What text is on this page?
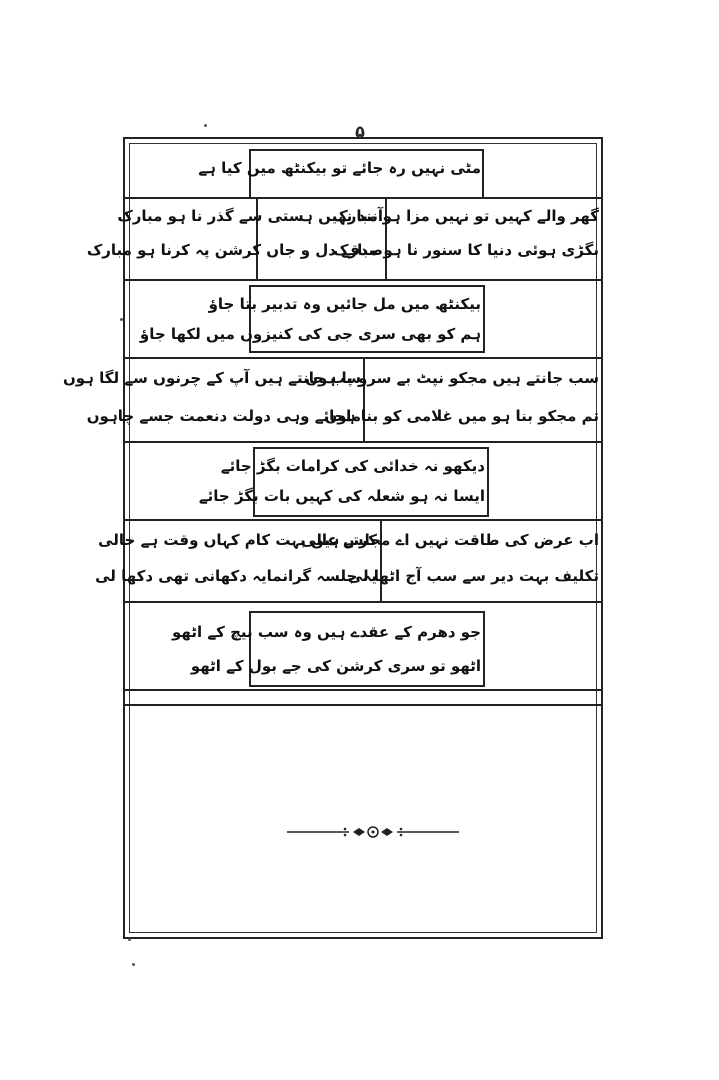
۵
مٹی نہیں رہ جائے تو بیکنٹھ میں کیا ہے
گھر والے کہیں تو نہیں مزا ہو مبارک
بگڑی ہوئی دنیا کا سنور نا ہو مبارک
آنند نہیں ہستی سے گذر نا ہو مبارک
صدقے دل و جاں کرشن پہ کرنا ہو مبارک
بیکنٹھ میں مل جائیں وہ تدبیر بتا جاؤ
ہم کو بھی سری جی کی کنیزوں میں لکھا جاؤ
سب جانتے ہیں مجکو نپٹ بے سرو پا ہوں
تم مجکو بنا ہو میں غلامی کو بنا ہوں
سب جانتے ہیں آپ کے چرنوں سے لگا ہوں
ملجائے وہی دولت دنعمت جسے چاہوں
دیکھو نہ خدائی کی کرامات بگڑ جائے
ایسا نہ ہو شعلہ کی کہیں بات بگڑ جائے
اب عرض کی طاقت نہیں اے مجلس عالی
تکلیف بہت دیر سے سب آج اٹھا لی
کرتے ہیں بہت کام کہاں وقت ہے خالی
یہ جلسہ گرانمایہ دکھانی تھی دکھا لی
جو دھرم کے عقدے ہیں وہ سب بیچ کے اٹھو
اٹھو تو سری کرشن کی جے بول کے اٹھو
